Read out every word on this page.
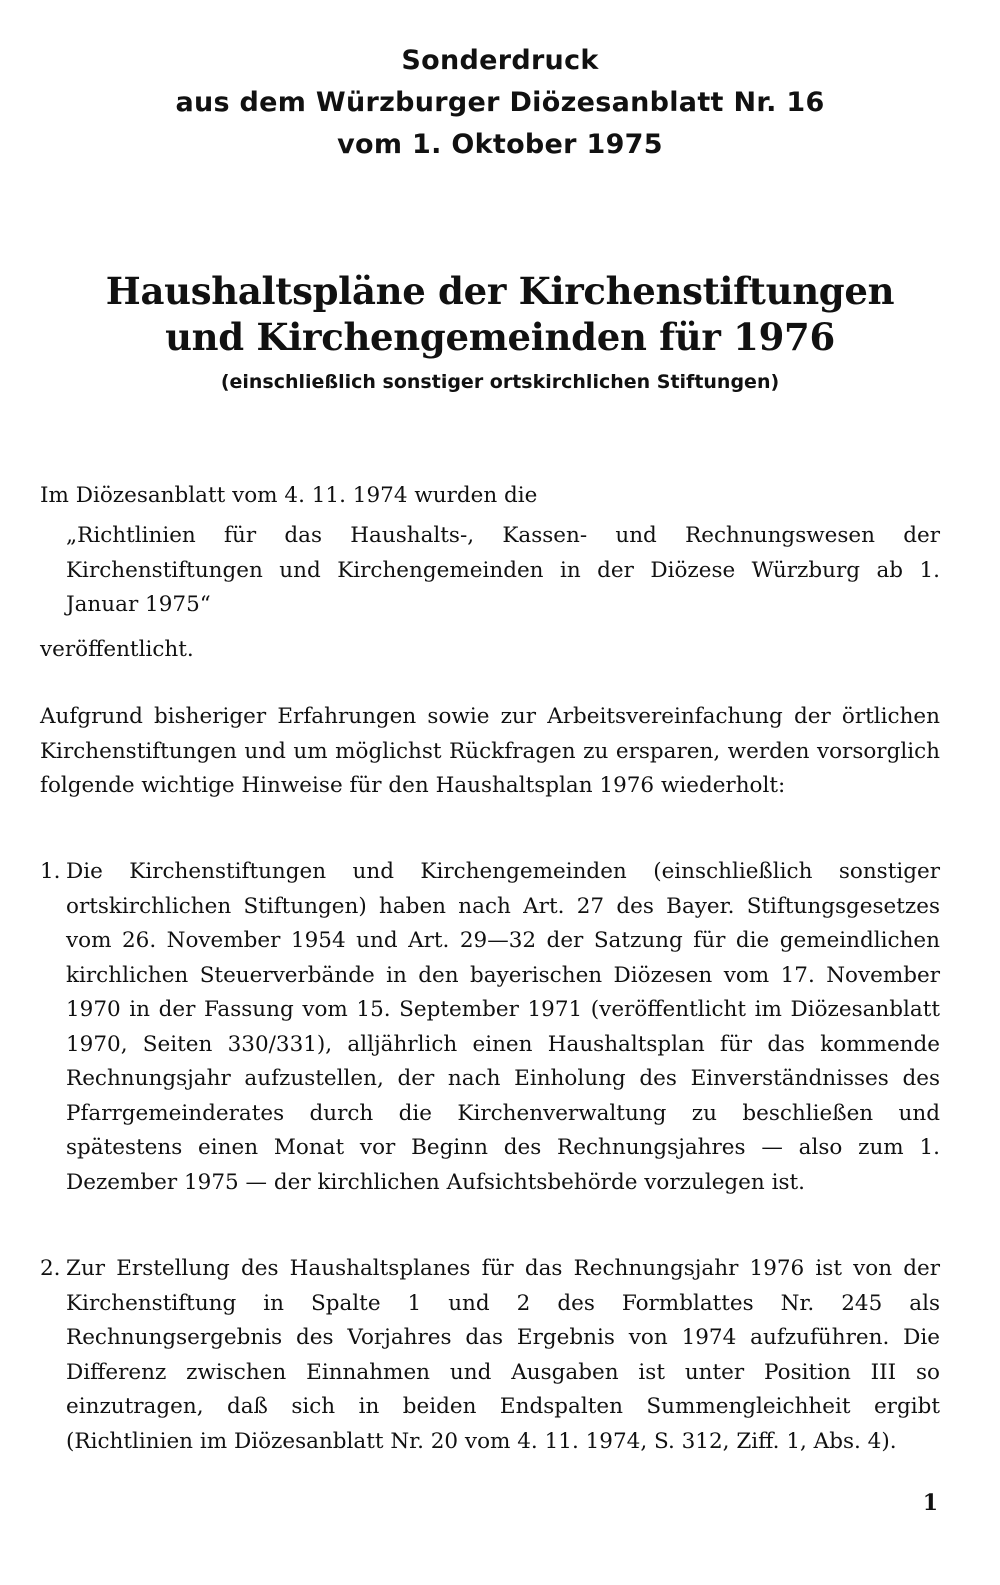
Sonderdruck
aus dem Würzburger Diözesanblatt Nr. 16
vom 1. Oktober 1975
Haushaltspläne der Kirchenstiftungen
und Kirchengemeinden für 1976
(einschließlich sonstiger ortskirchlichen Stiftungen)

Im Diözesanblatt vom 4. 11. 1974 wurden die

„Richtlinien für das Haushalts-, Kassen- und Rechnungswesen der Kirchenstiftungen und Kirchengemeinden in der Diözese Würzburg ab 1. Januar 1975“

veröffentlicht.

Aufgrund bisheriger Erfahrungen sowie zur Arbeitsvereinfachung der örtlichen Kirchenstiftungen und um möglichst Rückfragen zu ersparen, werden vorsorglich folgende wichtige Hinweise für den Haushaltsplan 1976 wiederholt:

1. Die Kirchenstiftungen und Kirchengemeinden (einschließlich sonstiger ortskirchlichen Stiftungen) haben nach Art. 27 des Bayer. Stiftungsgesetzes vom 26. November 1954 und Art. 29—32 der Satzung für die gemeindlichen kirchlichen Steuerverbände in den bayerischen Diözesen vom 17. November 1970 in der Fassung vom 15. September 1971 (veröffentlicht im Diözesanblatt 1970, Seiten 330/331), alljährlich einen Haushaltsplan für das kommende Rechnungsjahr aufzustellen, der nach Einholung des Einverständnisses des Pfarrgemeinderates durch die Kirchenverwaltung zu beschließen und spätestens einen Monat vor Beginn des Rechnungsjahres — also zum 1. Dezember 1975 — der kirchlichen Aufsichtsbehörde vorzulegen ist.

2. Zur Erstellung des Haushaltsplanes für das Rechnungsjahr 1976 ist von der Kirchenstiftung in Spalte 1 und 2 des Formblattes Nr. 245 als Rechnungsergebnis des Vorjahres das Ergebnis von 1974 aufzuführen. Die Differenz zwischen Einnahmen und Ausgaben ist unter Position III so einzutragen, daß sich in beiden Endspalten Summengleichheit ergibt (Richtlinien im Diözesanblatt Nr. 20 vom 4. 11. 1974, S. 312, Ziff. 1, Abs. 4).

1
